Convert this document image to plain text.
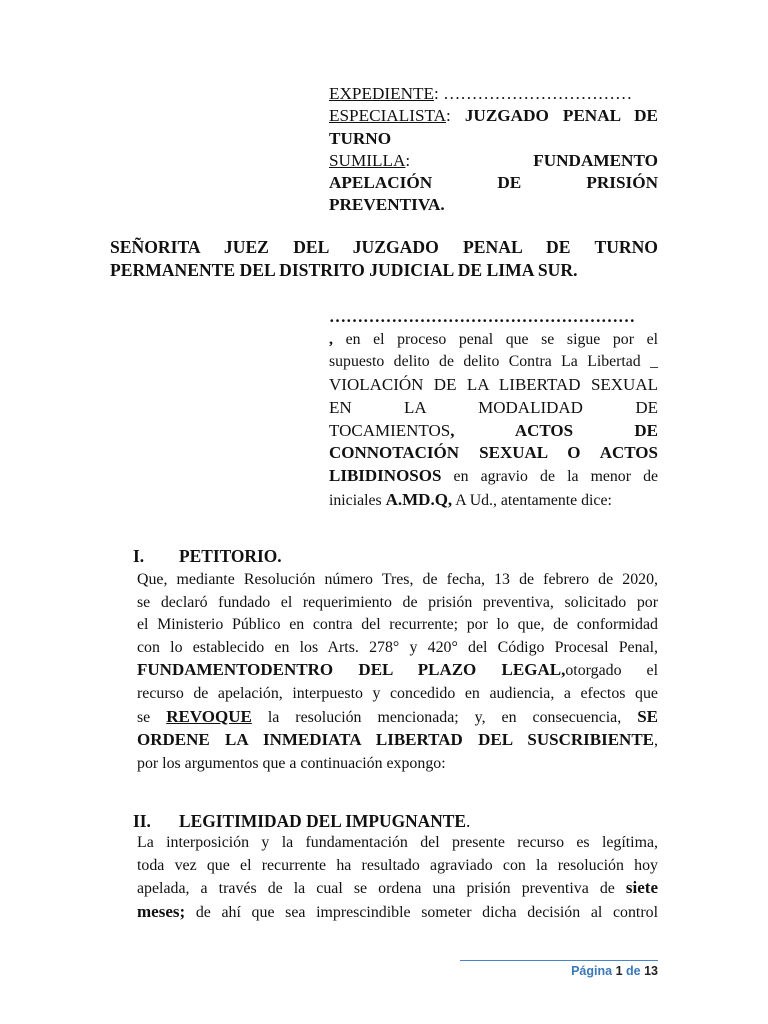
EXPEDIENTE: ……………………………
ESPECIALISTA: JUZGADO PENAL DE
TURNO
SUMILLA:	FUNDAMENTO
APELACIÓN DE PRISIÓN
PREVENTIVA.
SEÑORITA JUEZ DEL JUZGADO PENAL DE TURNO
PERMANENTE DEL DISTRITO JUDICIAL DE LIMA SUR.
………………………………………………
, en el proceso penal que se sigue por el
supuesto delito de delito Contra La Libertad _
VIOLACIÓN DE LA LIBERTAD SEXUAL
EN LA MODALIDAD DE
TOCAMIENTOS, ACTOS DE
CONNOTACIÓN SEXUAL O ACTOS
LIBIDINOSOS en agravio de la menor de
iniciales A.MD.Q, A Ud., atentamente dice:
I. PETITORIO.
Que, mediante Resolución número Tres, de fecha, 13 de febrero de 2020,
se declaró fundado el requerimiento de prisión preventiva, solicitado por
el Ministerio Público en contra del recurrente; por lo que, de conformidad
con lo establecido en los Arts. 278° y 420° del Código Procesal Penal,
FUNDAMENTODENTRO DEL PLAZO LEGAL,otorgado el
recurso de apelación, interpuesto y concedido en audiencia, a efectos que
se REVOQUE la resolución mencionada; y, en consecuencia, SE
ORDENE LA INMEDIATA LIBERTAD DEL SUSCRIBIENTE,
por los argumentos que a continuación expongo:
II. LEGITIMIDAD DEL IMPUGNANTE.
La interposición y la fundamentación del presente recurso es legítima,
toda vez que el recurrente ha resultado agraviado con la resolución hoy
apelada, a través de la cual se ordena una prisión preventiva de siete
meses; de ahí que sea imprescindible someter dicha decisión al control
Página 1 de 13
